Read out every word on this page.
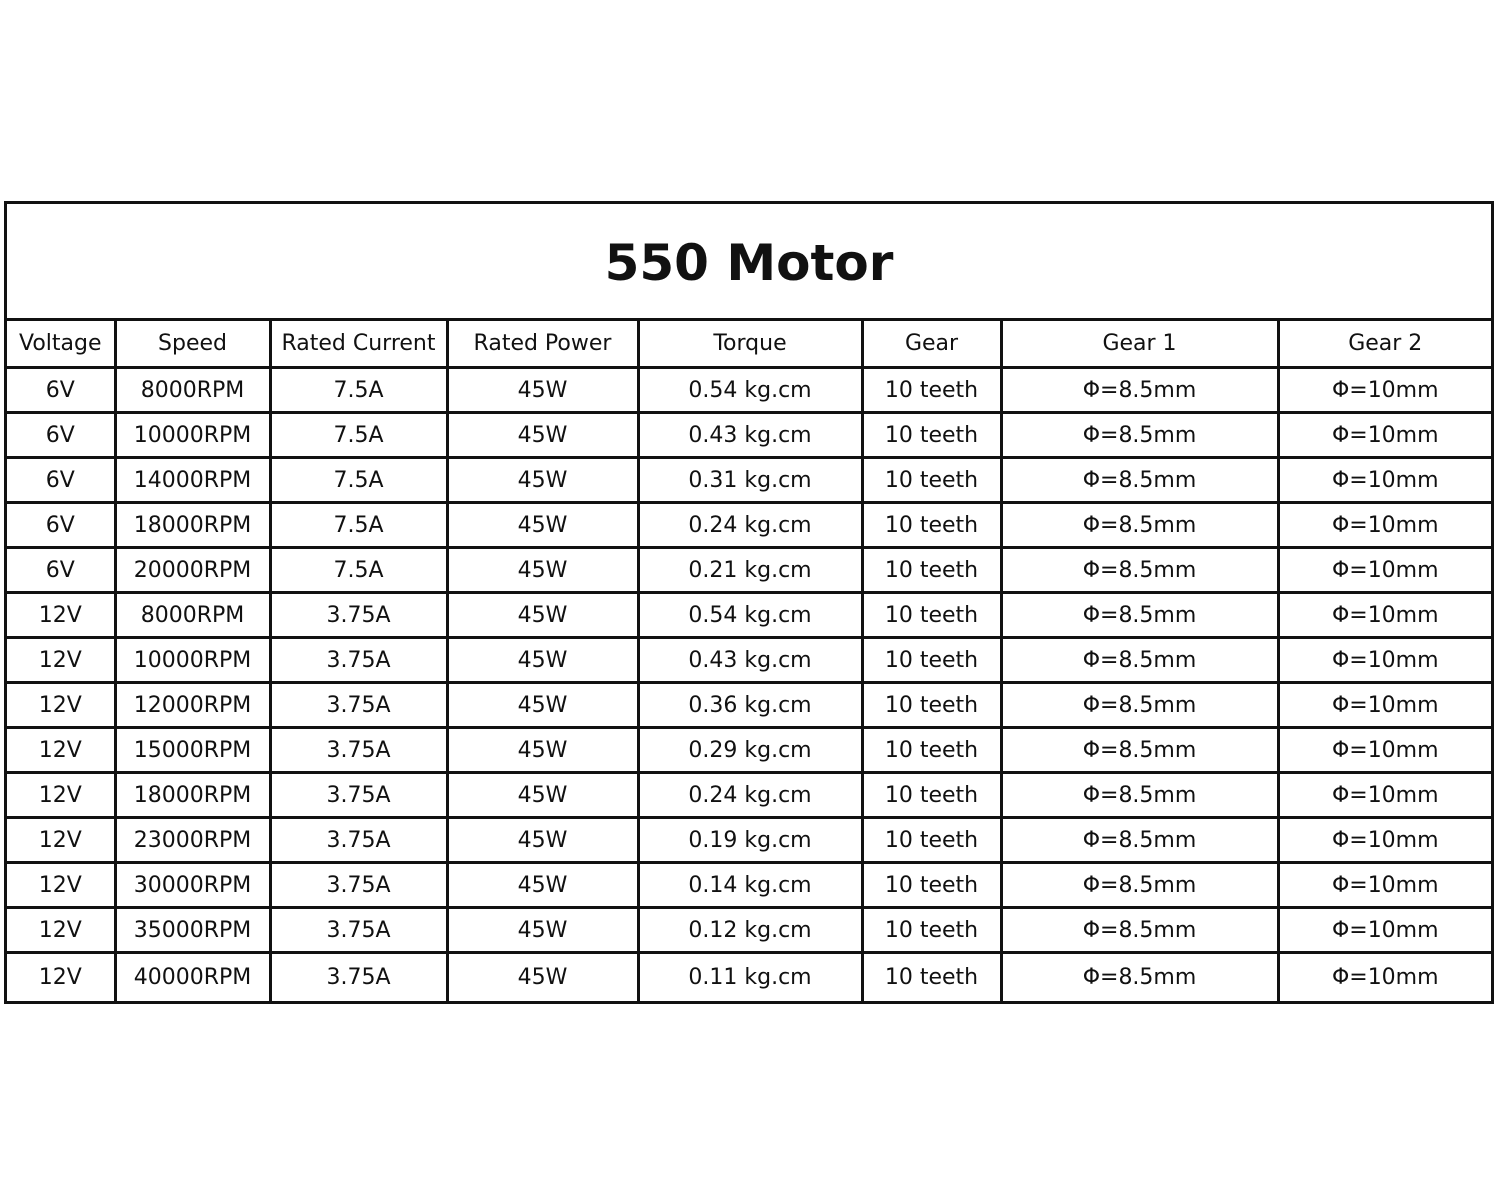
550 Motor
Voltage	Speed	Rated Current	Rated Power	Torque	Gear	Gear 1	Gear 2
6V	8000RPM	7.5A	45W	0.54 kg.cm	10 teeth	Φ=8.5mm	Φ=10mm
6V	10000RPM	7.5A	45W	0.43 kg.cm	10 teeth	Φ=8.5mm	Φ=10mm
6V	14000RPM	7.5A	45W	0.31 kg.cm	10 teeth	Φ=8.5mm	Φ=10mm
6V	18000RPM	7.5A	45W	0.24 kg.cm	10 teeth	Φ=8.5mm	Φ=10mm
6V	20000RPM	7.5A	45W	0.21 kg.cm	10 teeth	Φ=8.5mm	Φ=10mm
12V	8000RPM	3.75A	45W	0.54 kg.cm	10 teeth	Φ=8.5mm	Φ=10mm
12V	10000RPM	3.75A	45W	0.43 kg.cm	10 teeth	Φ=8.5mm	Φ=10mm
12V	12000RPM	3.75A	45W	0.36 kg.cm	10 teeth	Φ=8.5mm	Φ=10mm
12V	15000RPM	3.75A	45W	0.29 kg.cm	10 teeth	Φ=8.5mm	Φ=10mm
12V	18000RPM	3.75A	45W	0.24 kg.cm	10 teeth	Φ=8.5mm	Φ=10mm
12V	23000RPM	3.75A	45W	0.19 kg.cm	10 teeth	Φ=8.5mm	Φ=10mm
12V	30000RPM	3.75A	45W	0.14 kg.cm	10 teeth	Φ=8.5mm	Φ=10mm
12V	35000RPM	3.75A	45W	0.12 kg.cm	10 teeth	Φ=8.5mm	Φ=10mm
12V	40000RPM	3.75A	45W	0.11 kg.cm	10 teeth	Φ=8.5mm	Φ=10mm
